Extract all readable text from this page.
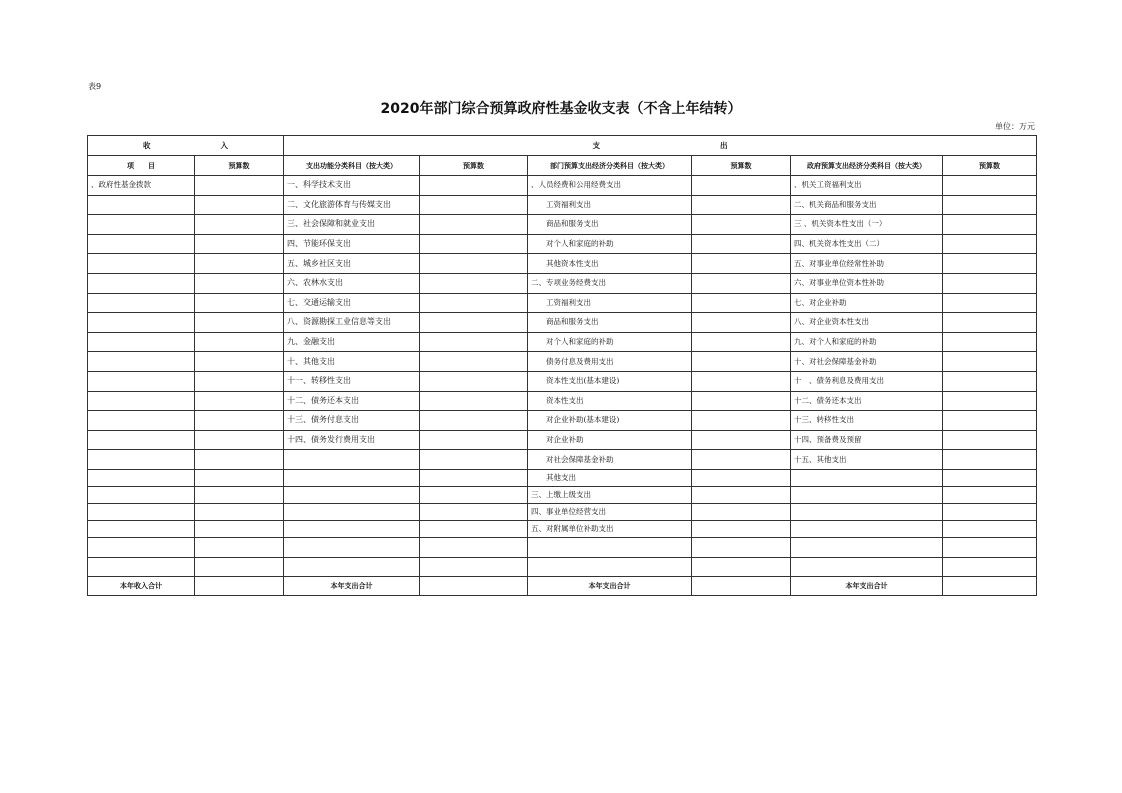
表9
2020年部门综合预算政府性基金收支表（不含上年结转）
单位：万元
收 入		支 出					
项　　目	预算数	支出功能分类科目（按大类）	预算数	部门预算支出经济分类科目（按大类）	预算数	政府预算支出经济分类科目（按大类）	预算数
、政府性基金拨款		一、科学技术支出		、人员经费和公用经费支出		、机关工资福利支出	
		二、文化旅游体育与传媒支出		工资福利支出		二、机关商品和服务支出	
		三、社会保障和就业支出		商品和服务支出		三 、机关资本性支出（一）	
		四、节能环保支出		对个人和家庭的补助		四、机关资本性支出（二）	
		五、城乡社区支出		其他资本性支出		五、对事业单位经常性补助	
		六、农林水支出		二、专项业务经费支出		六、对事业单位资本性补助	
		七、交通运输支出		工资福利支出		七、对企业补助	
		八、资源勘探工业信息等支出		商品和服务支出		八、对企业资本性支出	
		九、金融支出		对个人和家庭的补助		九、对个人和家庭的补助	
		十、其他支出		债务付息及费用支出		十、对社会保障基金补助	
		十一、转移性支出		资本性支出(基本建设)		十　、债务利息及费用支出	
		十二、债务还本支出		资本性支出		十二、债务还本支出	
		十三、债务付息支出		对企业补助(基本建设)		十三、转移性支出	
		十四、债务发行费用支出		对企业补助		十四、预备费及预留	
				对社会保障基金补助		十五、其他支出	
				其他支出			
				三、上缴上级支出			
				四、事业单位经营支出			
				五、对附属单位补助支出			

本年收入合计		本年支出合计		本年支出合计		本年支出合计	
